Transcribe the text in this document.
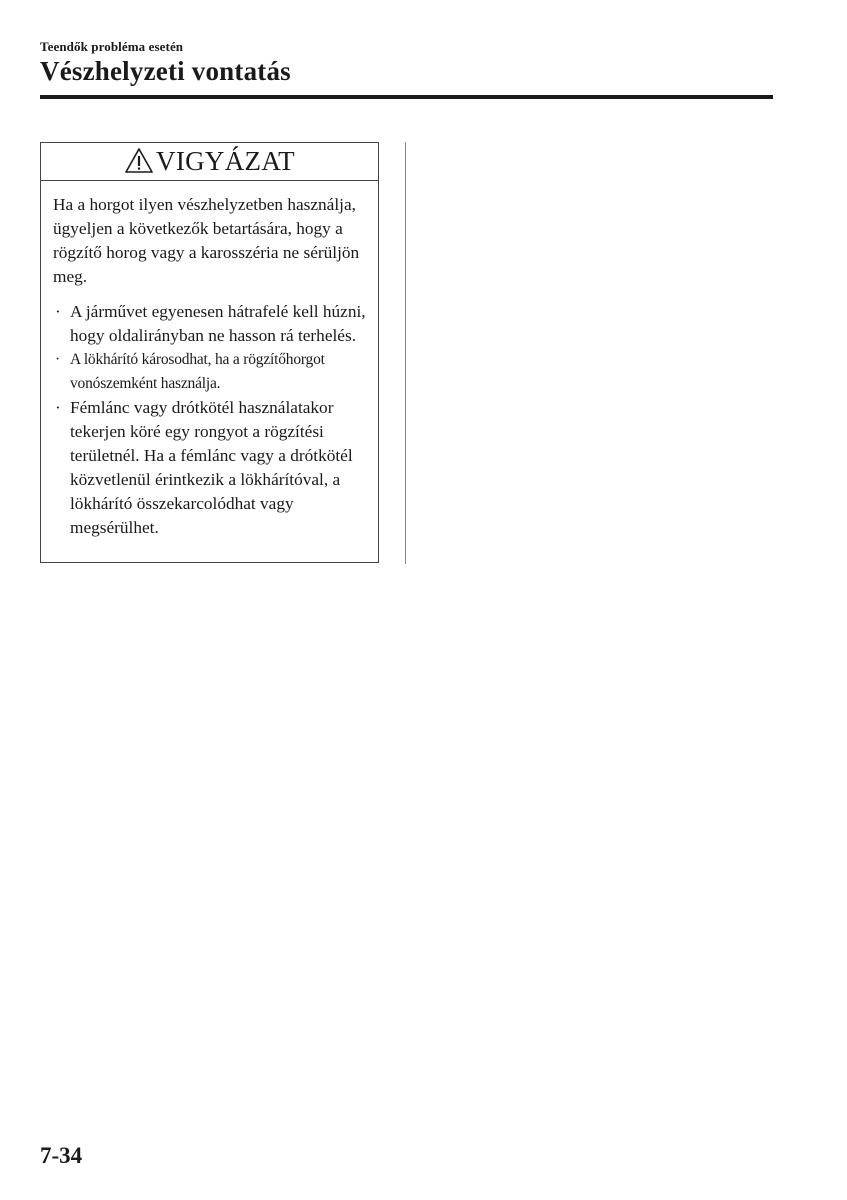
Teendők probléma esetén
Vészhelyzeti vontatás
VIGYÁZAT

Ha a horgot ilyen vészhelyzetben használja, ügyeljen a következők betartására, hogy a rögzítő horog vagy a karosszéria ne sérüljön meg.

· A járművet egyenesen hátrafelé kell húzni, hogy oldalirányban ne hasson rá terhelés.
· A lökhárító károsodhat, ha a rögzítőhorgot vonószemként használja.
· Fémlánc vagy drótkötél használatakor tekerjen köré egy rongyot a rögzítési területnél. Ha a fémlánc vagy a drótkötél közvetlenül érintkezik a lökhárítóval, a lökhárító összekarcolódhat vagy megsérülhet.
7-34
